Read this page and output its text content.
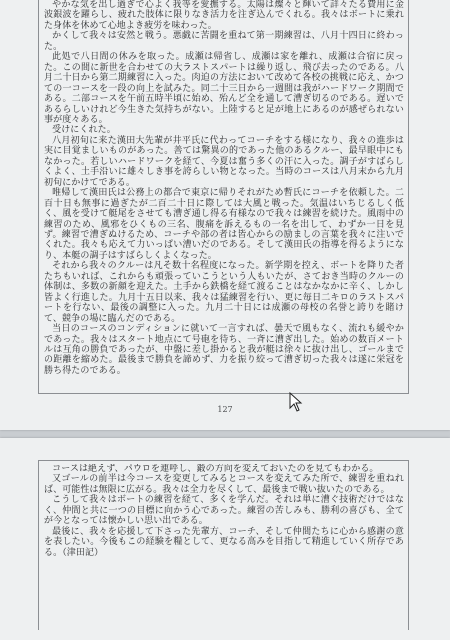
やかな気を出し過ぎで心よく我等を愛撫する。太陽は燦々と輝いて詳々たる費用に金波銀波を躍らし、疲れた肢体に限りなき活力を注ぎ込んでくれる。我々はボートに乗れた身体を休めて心地よき疲労を味わった。

かくして我々は安然と戦う。悪戯に苦闘を重ねて第一期練習は、八月十四日に終わった。

此処で八日間の休みを取った。成瀬は帰省し、成瀬は家を離れ、成瀬は合宿に戻った。この間に新世を合わせての大ラストスパートは繰り返し、飛び去ったのである。八月二十日から第二期練習に入った。肉迫の方法において改めて各校の挑戦に応え、かつての一コースを一段の向上を試みた。同二十三日から一週間は我がハードワーク期間である。二部コースを午前五時半頃に始め、殆んど全を通して漕ぎ切るのである。遅いであるらしいけれど今生きた気持ちがない。上陸すると足が地上にあるのが感ぜられない事が度々ある。

受けにくれた。

八月初旬に来た漢田大先輩が井平氏に代わってコーチをする様になり、我々の進歩は実に目覚ましいものがあった。善ては驚異の的であった他のあるクルー、最早眼中にもなかった。若しいハードワークを経て、今夏は奮う多くの汗に入った。調子がすばらしくよく、土手沿いに雄々しき事を誇らしい物となった。当時のコースは八月末から九月初旬にかけてである。

唯帰して漢田氏は公務上の都合で東京に帰りそれがため暫氏にコーチを依頼した。二百十日も無事に過ぎたが二百二十日に際しては大風と戦った。気温はいちじるしく低く、風を受けて艇尾をさせても漕ぎ通し得る有様なので我々は練習を続けた。風雨中の練習のため、風邪をひくもの三名、腹痛を訴えるもの一名を出して、わずか一日を見ず。練習で漕ぎぬけるため、コーチや部の者は皆心からの励ましの言葉を我々に注いでくれた。我々も応えて力いっぱい漕いだのである。そして漢田氏の指導を得るようになり、本艇の調子はすばらしくよくなった。

それから我々のクルーは凡そ数十名程度になった。新学期を控え、ボートを降りた者たちもいれば、これからも頑張っていこうという人もいたが、さておき当時のクルーの体制は、多数の新顔を迎えた。土手から鉄橋を経て渡ることはなかなかに辛く、しかし皆よく行進した。九月十五日以来、我々は猛練習を行い、更に毎日二キロのラストスパートを行ない、最後の調整に入った。九月二十日には成瀬の母校の名誉と誇りを賭けて、競争の場に臨んだのである。

当日のコースのコンディションに就いて一言すれば、曇天で風もなく、流れも緩やかであった。我々はスタート地点にて号砲を待ち、一斉に漕ぎ出した。始めの数百メートルは互角の勝負であったが、中盤に差し掛かると我が艇は徐々に抜け出し、ゴールまでの距離を縮めた。最後まで勝負を諦めず、力を振り絞って漕ぎ切った我々は遂に栄冠を勝ち得たのである。

127

コースは絶えず、パウロを連呼し、鍛の方向を変えておいたのを見てもわかる。

又ゴールの前半は今コースを変更してみるとコースを変えてみた所で、練習を重ねれば、可能性は無限に広がる。我々は全力を尽くして、最後まで戦い抜いたのである。

こうして我々はボートの練習を経て、多くを学んだ。それは単に漕ぐ技術だけではなく、仲間と共に一つの目標に向かう心であった。練習の苦しみも、勝利の喜びも、全てが今となっては懐かしい思い出である。

最後に、我々を応援して下さった先輩方、コーチ、そして仲間たちに心から感謝の意を表したい。今後もこの経験を糧として、更なる高みを目指して精進していく所存である。（津田記）
